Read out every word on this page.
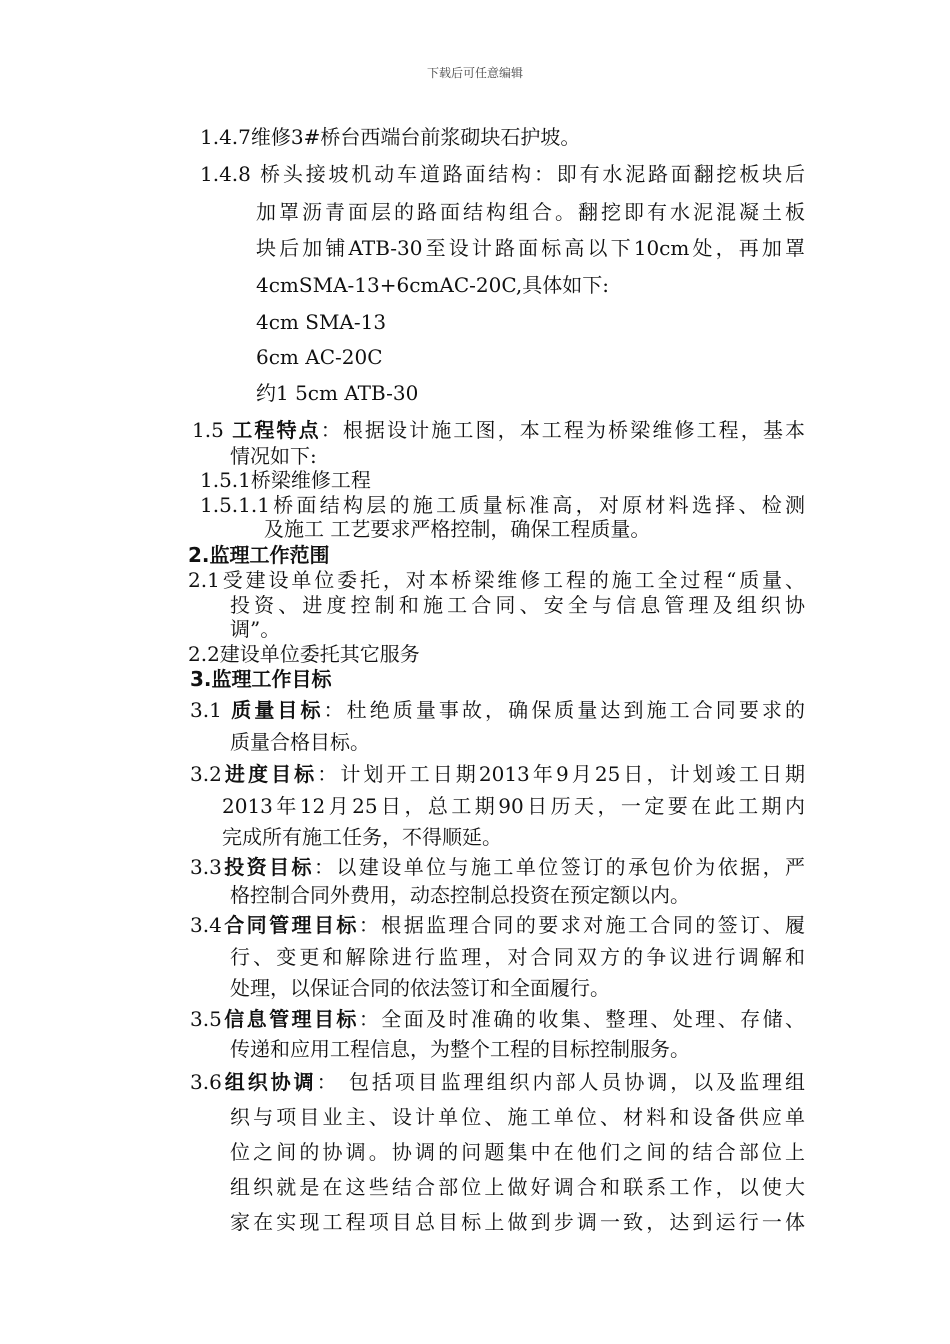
下载后可任意编辑
1.4.7维修3#桥台西端台前浆砌块石护坡。
1.4.8 桥头接坡机动车道路面结构：即有水泥路面翻挖板块后
加罩沥青面层的路面结构组合。翻挖即有水泥混凝土板
块后加铺ATB-30至设计路面标高以下10cm处，再加罩
4cmSMA-13+6cmAC-20C,具体如下:
4cm SMA-13
6cm AC-20C
约1 5cm ATB-30
1.5 工程特点：根据设计施工图，本工程为桥梁维修工程，基本
情况如下:
1.5.1桥梁维修工程
1.5.1.1桥面结构层的施工质量标准高，对原材料选择、检测
及施工 工艺要求严格控制，确保工程质量。
2.监理工作范围
2.1受建设单位委托，对本桥梁维修工程的施工全过程“质量、
投资、进度控制和施工合同、安全与信息管理及组织协
调”。
2.2建设单位委托其它服务
3.监理工作目标
3.1 质量目标：杜绝质量事故，确保质量达到施工合同要求的
质量合格目标。
3.2进度目标：计划开工日期2013年9月25日，计划竣工日期
2013年12月25日，总工期90日历天，一定要在此工期内
完成所有施工任务，不得顺延。
3.3投资目标：以建设单位与施工单位签订的承包价为依据，严
格控制合同外费用，动态控制总投资在预定额以内。
3.4合同管理目标：根据监理合同的要求对施工合同的签订、履
行、变更和解除进行监理，对合同双方的争议进行调解和
处理，以保证合同的依法签订和全面履行。
3.5信息管理目标：全面及时准确的收集、整理、处理、存储、
传递和应用工程信息，为整个工程的目标控制服务。
3.6组织协调： 包括项目监理组织内部人员协调，以及监理组
织与项目业主、设计单位、施工单位、材料和设备供应单
位之间的协调。协调的问题集中在他们之间的结合部位上
组织就是在这些结合部位上做好调合和联系工作，以使大
家在实现工程项目总目标上做到步调一致，达到运行一体
